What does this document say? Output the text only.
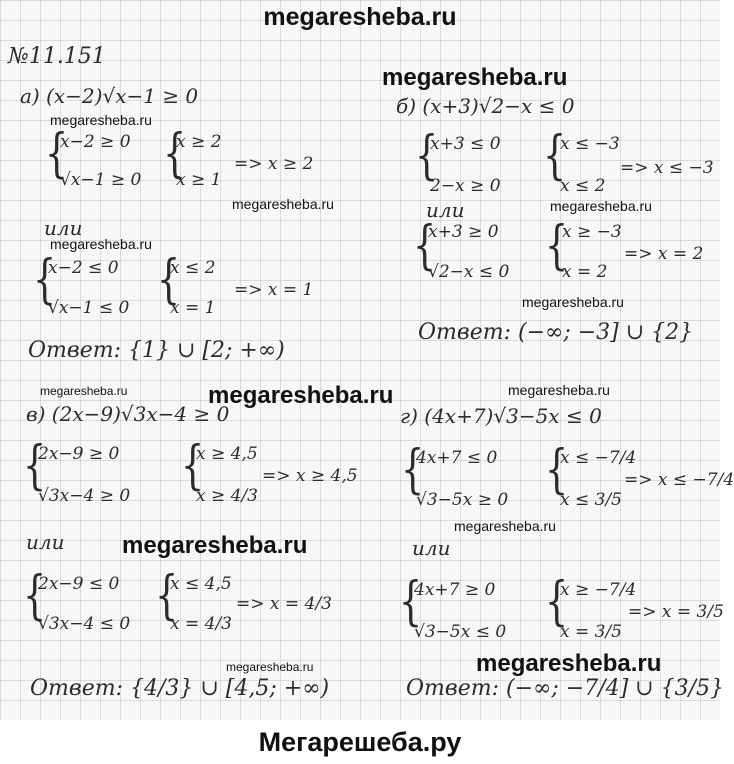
megaresheba.ru
№11.151
а) (x−2)√x−1 ≥ 0
{
x−2 ≥ 0
√x−1 ≥ 0 {
x ≥ 2
x ≥ 1
=> x ≥ 2
или
{
x−2 ≤ 0
√x−1 ≤ 0 {
x ≤ 2
x = 1
=> x = 1
Ответ: {1} ∪ [2; +∞)
б) (x+3)√2−x ≤ 0
{
x+3 ≤ 0
2−x ≥ 0 {
x ≤ −3
x ≤ 2
=> x ≤ −3
или
{
x+3 ≥ 0
√2−x ≤ 0 {
x ≥ −3
x = 2
=> x = 2
Ответ: (−∞; −3] ∪ {2}
в) (2x−9)√3x−4 ≥ 0
{
2x−9 ≥ 0
√3x−4 ≥ 0 {
x ≥ 4,5
x ≥ 4/3
=> x ≥ 4,5
или
{
2x−9 ≤ 0
√3x−4 ≤ 0 {
x ≤ 4,5
x = 4/3
=> x = 4/3
Ответ: {4/3} ∪ [4,5; +∞)
г) (4x+7)√3−5x ≤ 0
{
4x+7 ≤ 0
√3−5x ≥ 0 {
x ≤ −7/4
x ≤ 3/5
=> x ≤ −7/4
или
{
4x+7 ≥ 0
√3−5x ≤ 0 {
x ≥ −7/4
x = 3/5
=> x = 3/5
Ответ: (−∞; −7/4] ∪ {3/5}
megaresheba.ru
megaresheba.ru
megaresheba.ru	megaresheba.ru
megaresheba.ru
megaresheba.ru
megaresheba.ru	megaresheba.ru	megaresheba.ru
megaresheba.ru
megaresheba.ru
megaresheba.ru
megaresheba.ru
Мегарешеба.ру
